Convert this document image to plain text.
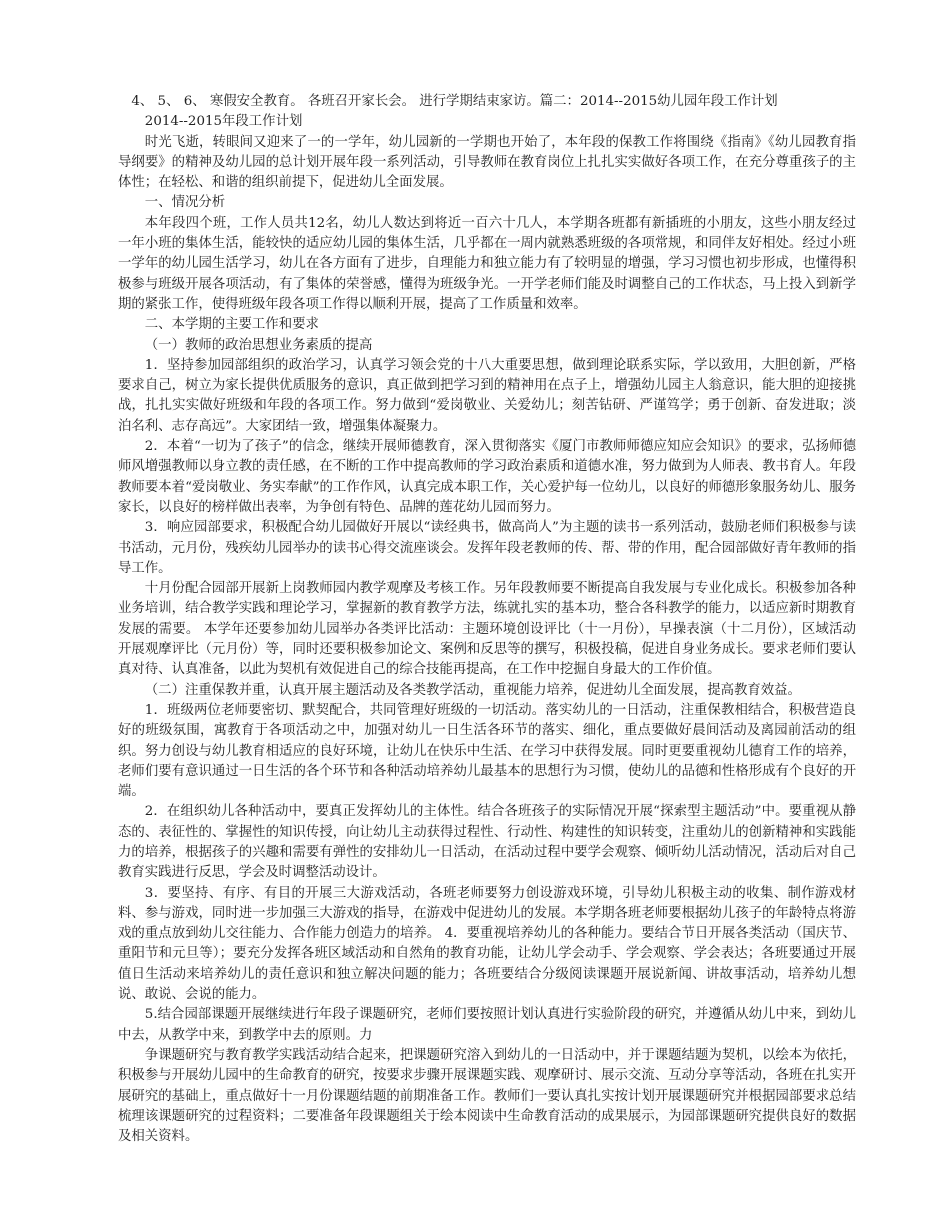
4、 5、 6、 寒假安全教育。 各班召开家长会。 进行学期结束家访。篇二：2014--2015幼儿园年段工作计划

2014--2015年段工作计划

时光飞逝，转眼间又迎来了一的一学年，幼儿园新的一学期也开始了，本年段的保教工作将围绕《指南》《幼儿园教育指导纲要》的精神及幼儿园的总计划开展年段一系列活动，引导教师在教育岗位上扎扎实实做好各项工作，在充分尊重孩子的主体性；在轻松、和谐的组织前提下，促进幼儿全面发展。

一、情况分析

本年段四个班，工作人员共12名，幼儿人数达到将近一百六十几人，本学期各班都有新插班的小朋友，这些小朋友经过一年小班的集体生活，能较快的适应幼儿园的集体生活，几乎都在一周内就熟悉班级的各项常规，和同伴友好相处。经过小班一学年的幼儿园生活学习，幼儿在各方面有了进步，自理能力和独立能力有了较明显的增强，学习习惯也初步形成，也懂得积极参与班级开展各项活动，有了集体的荣誉感，懂得为班级争光。一开学老师们能及时调整自己的工作状态，马上投入到新学期的紧张工作，使得班级年段各项工作得以顺利开展，提高了工作质量和效率。

二、本学期的主要工作和要求

（一）教师的政治思想业务素质的提高

1．坚持参加园部组织的政治学习，认真学习领会党的十八大重要思想，做到理论联系实际，学以致用，大胆创新，严格要求自己，树立为家长提供优质服务的意识，真正做到把学习到的精神用在点子上，增强幼儿园主人翁意识，能大胆的迎接挑战，扎扎实实做好班级和年段的各项工作。努力做到“爱岗敬业、关爱幼儿；刻苦钻研、严谨笃学；勇于创新、奋发进取；淡泊名利、志存高远”。大家团结一致，增强集体凝聚力。

2．本着“一切为了孩子”的信念，继续开展师德教育，深入贯彻落实《厦门市教师师德应知应会知识》的要求，弘扬师德师风增强教师以身立教的责任感，在不断的工作中提高教师的学习政治素质和道德水准，努力做到为人师表、教书育人。年段教师要本着“爱岗敬业、务实奉献”的工作作风，认真完成本职工作，关心爱护每一位幼儿，以良好的师德形象服务幼儿、服务家长，以良好的榜样做出表率，为争创有特色、品牌的莲花幼儿园而努力。

3．响应园部要求，积极配合幼儿园做好开展以“读经典书，做高尚人”为主题的读书一系列活动，鼓励老师们积极参与读书活动，元月份，残疾幼儿园举办的读书心得交流座谈会。发挥年段老教师的传、帮、带的作用，配合园部做好青年教师的指导工作。

十月份配合园部开展新上岗教师园内教学观摩及考核工作。另年段教师要不断提高自我发展与专业化成长。积极参加各种业务培训，结合教学实践和理论学习，掌握新的教育教学方法，练就扎实的基本功，整合各科教学的能力，以适应新时期教育发展的需要。 本学年还要参加幼儿园举办各类评比活动：主题环境创设评比（十一月份），早操表演（十二月份），区域活动开展观摩评比（元月份）等，同时还要积极参加论文、案例和反思等的撰写，积极投稿，促进自身业务成长。要求老师们要认真对待、认真准备，以此为契机有效促进自己的综合技能再提高，在工作中挖掘自身最大的工作价值。

（二）注重保教并重，认真开展主题活动及各类教学活动，重视能力培养，促进幼儿全面发展，提高教育效益。

1．班级两位老师要密切、默契配合，共同管理好班级的一切活动。落实幼儿的一日活动，注重保教相结合，积极营造良好的班级氛围，寓教育于各项活动之中，加强对幼儿一日生活各环节的落实、细化，重点要做好晨间活动及离园前活动的组织。努力创设与幼儿教育相适应的良好环境，让幼儿在快乐中生活、在学习中获得发展。同时更要重视幼儿德育工作的培养，老师们要有意识通过一日生活的各个环节和各种活动培养幼儿最基本的思想行为习惯，使幼儿的品德和性格形成有个良好的开端。

2．在组织幼儿各种活动中，要真正发挥幼儿的主体性。结合各班孩子的实际情况开展“探索型主题活动”中。要重视从静态的、表征性的、掌握性的知识传授，向让幼儿主动获得过程性、行动性、构建性的知识转变，注重幼儿的创新精神和实践能力的培养，根据孩子的兴趣和需要有弹性的安排幼儿一日活动，在活动过程中要学会观察、倾听幼儿活动情况，活动后对自己教育实践进行反思，学会及时调整活动设计。

3．要坚持、有序、有目的开展三大游戏活动，各班老师要努力创设游戏环境，引导幼儿积极主动的收集、制作游戏材料、参与游戏，同时进一步加强三大游戏的指导，在游戏中促进幼儿的发展。本学期各班老师要根据幼儿孩子的年龄特点将游戏的重点放到幼儿交往能力、合作能力创造力的培养。 4．要重视培养幼儿的各种能力。要结合节日开展各类活动（国庆节、重阳节和元旦等）；要充分发挥各班区域活动和自然角的教育功能，让幼儿学会动手、学会观察、学会表达；各班要通过开展值日生活动来培养幼儿的责任意识和独立解决问题的能力；各班要结合分级阅读课题开展说新闻、讲故事活动，培养幼儿想说、敢说、会说的能力。

5.结合园部课题开展继续进行年段子课题研究，老师们要按照计划认真进行实验阶段的研究，并遵循从幼儿中来，到幼儿中去，从教学中来，到教学中去的原则。力

争课题研究与教育教学实践活动结合起来，把课题研究溶入到幼儿的一日活动中，并于课题结题为契机，以绘本为依托，积极参与开展幼儿园中的生命教育的研究，按要求步骤开展课题实践、观摩研讨、展示交流、互动分享等活动，各班在扎实开展研究的基础上，重点做好十一月份课题结题的前期准备工作。教师们一要认真扎实按计划开展课题研究并根据园部要求总结梳理该课题研究的过程资料；二要准备年段课题组关于绘本阅读中生命教育活动的成果展示，为园部课题研究提供良好的数据及相关资料。
